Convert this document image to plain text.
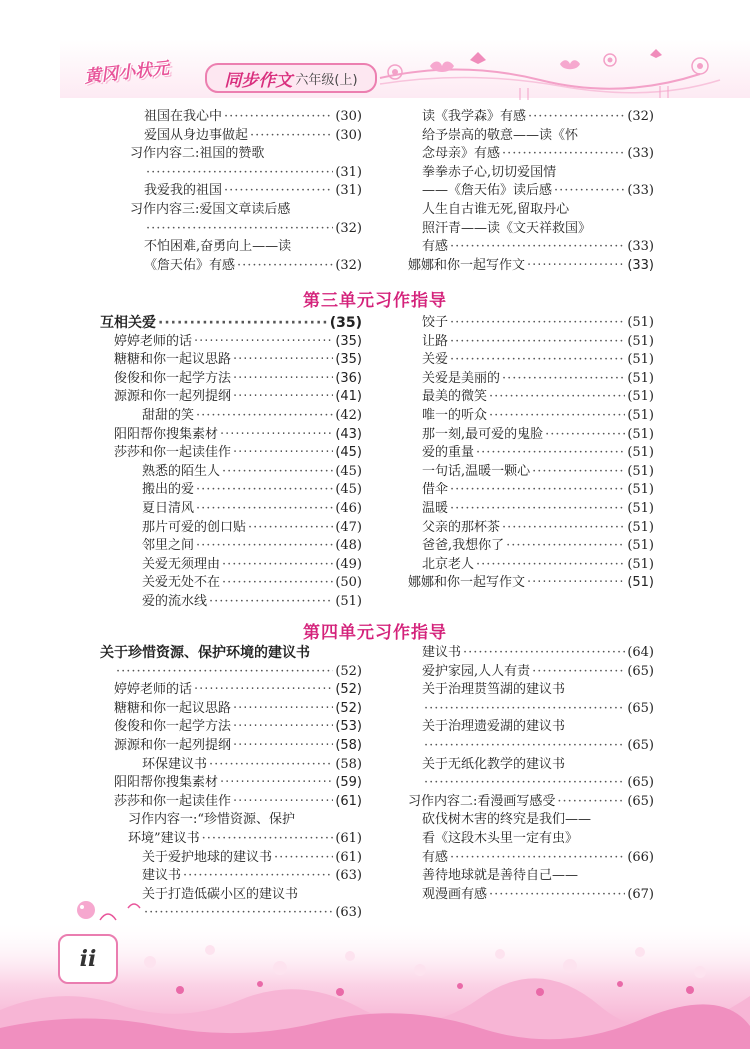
黄冈小状元	同步作文 六年级(上)
祖国在我心中 ·····	(30)
爱国从身边事做起 ·····	(30)
习作内容二:祖国的赞歌
·····
(31)
我爱我的祖国 ·····	(31)
习作内容三:爱国文章读后感
·····
(32)
不怕困难,奋勇向上——读
《詹天佑》有感 ·····	(32)
读《我学森》有感 ·····	(32)
给予崇高的敬意——读《怀
念母亲》有感 ·····	(33)
拳拳赤子心,切切爱国情
——《詹天佑》读后感 ·····	(33)
人生自古谁无死,留取丹心
照汗青——读《文天祥救国》
有感 ·····	(33)
娜娜和你一起写作文 ·····	(33)
第三单元习作指导
互相关爱 ·····	(35)
婷婷老师的话 ·····	(35)
糖糖和你一起议思路 ·····	(35)
俊俊和你一起学方法 ·····	(36)
源源和你一起列提纲 ·····	(41)
甜甜的笑 ·····	(42)
阳阳帮你搜集素材 ·····	(43)
莎莎和你一起读佳作 ·····	(45)
熟悉的陌生人 ·····	(45)
搬出的爱 ·····	(45)
夏日清风 ·····	(46)
那片可爱的创口贴 ·····	(47)
邻里之间 ·····	(48)
关爱无须理由 ·····	(49)
关爱无处不在 ·····	(50)
爱的流水线 ·····	(51)
饺子 ·····	(51)
让路 ·····	(51)
关爱 ·····	(51)
关爱是美丽的 ·····	(51)
最美的微笑 ·····	(51)
唯一的听众 ·····	(51)
那一刻,最可爱的鬼脸 ·····	(51)
爱的重量 ·····	(51)
一句话,温暖一颗心 ·····	(51)
借伞 ·····	(51)
温暖 ·····	(51)
父亲的那杯茶 ·····	(51)
爸爸,我想你了 ·····	(51)
北京老人 ·····	(51)
娜娜和你一起写作文 ·····	(51)
第四单元习作指导
关于珍惜资源、保护环境的建议书
·····
(52)
婷婷老师的话 ·····	(52)
糖糖和你一起议思路 ·····	(52)
俊俊和你一起学方法 ·····	(53)
源源和你一起列提纲 ·····	(58)
环保建议书 ·····	(58)
阳阳帮你搜集素材 ·····	(59)
莎莎和你一起读佳作 ·····	(61)
习作内容一:“珍惜资源、保护
环境”建议书 ·····	(61)
关于爱护地球的建议书 ·····	(61)
建议书 ·····	(63)
关于打造低碳小区的建议书
·····
(63)
建议书 ·····	(64)
爱护家园,人人有责 ·····	(65)
关于治理贳筜湖的建议书
·····
(65)
关于治理遗爱湖的建议书
·····
(65)
关于无纸化教学的建议书
·····
(65)
习作内容二:看漫画写感受 ·····	(65)
砍伐树木害的终究是我们——
看《这段木头里一定有虫》
有感 ·····	(66)
善待地球就是善待自己——
观漫画有感 ·····	(67)
ii
